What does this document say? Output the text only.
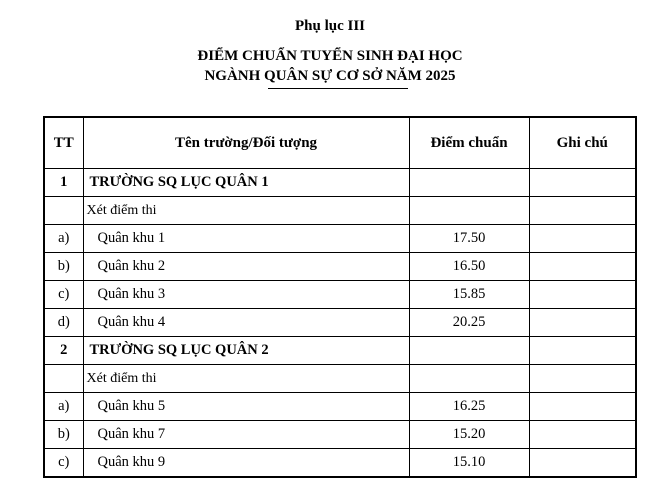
Phụ lục III
ĐIỂM CHUẨN TUYỂN SINH ĐẠI HỌC
NGÀNH QUÂN SỰ CƠ SỞ NĂM 2025
TT	Tên trường/Đối tượng	Điểm chuẩn	Ghi chú
1	TRƯỜNG SQ LỤC QUÂN 1		
	Xét điểm thi		
a)	Quân khu 1	17.50	
b)	Quân khu 2	16.50	
c)	Quân khu 3	15.85	
d)	Quân khu 4	20.25	
2	TRƯỜNG SQ LỤC QUÂN 2		
	Xét điểm thi		
a)	Quân khu 5	16.25	
b)	Quân khu 7	15.20	
c)	Quân khu 9	15.10	
